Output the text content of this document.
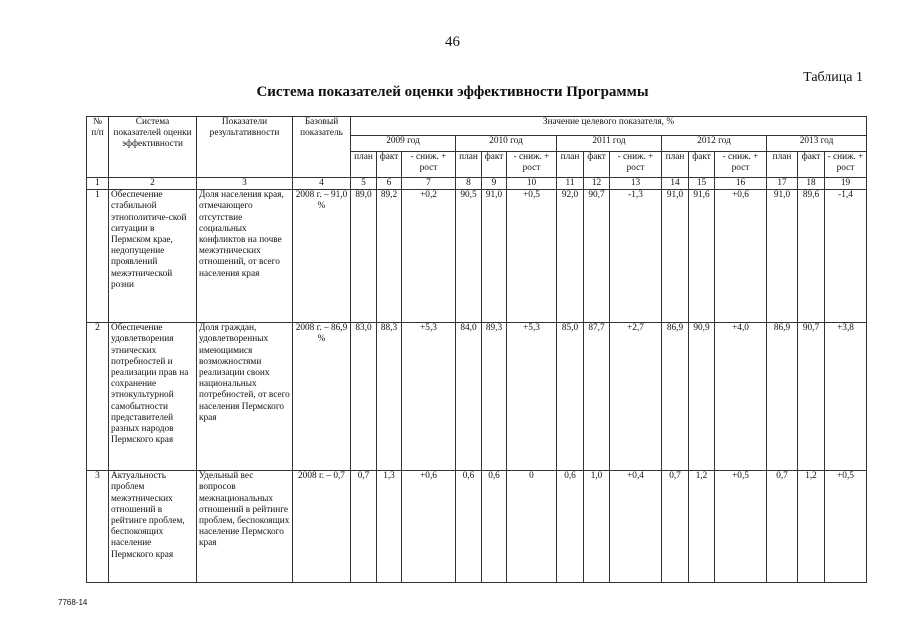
46
Таблица 1
Система показателей оценки эффективности Программы
№ п/п	Система показателей оценки эффективности	Показатели результативности	Базовый показатель	Значение целевого показателя, %														
				2009 год			2010 год			2011 год			2012 год			2013 год		
				план	факт	- сниж. + рост	план	факт	- сниж. + рост	план	факт	- сниж. + рост	план	факт	- сниж. + рост	план	факт	- сниж. + рост
1	2	3	4	5	6	7	8	9	10	11	12	13	14	15	16	17	18	19
1	Обеспечение стабильной этнополитиче-ской ситуации в Пермском крае, недопущение проявлений межэтнической розни	Доля населения края, отмечающего отсутствие социальных конфликтов на почве межэтнических отношений, от всего населения края	2008 г. – 91,0 %	89,0	89,2	+0,2	90,5	91,0	+0,5	92,0	90,7	-1,3	91,0	91,6	+0,6	91,0	89,6	-1,4
2	Обеспечение удовлетворения этнических потребностей и реализации прав на сохранение этнокультурной самобытности представителей разных народов Пермского края	Доля граждан, удовлетворенных имеющимися возможностями реализации своих национальных потребностей, от всего населения Пермского края	2008 г. – 86,9 %	83,0	88,3	+5,3	84,0	89,3	+5,3	85,0	87,7	+2,7	86,9	90,9	+4,0	86,9	90,7	+3,8
3	Актуальность проблем межэтнических отношений в рейтинге проблем, беспокоящих население Пермского края	Удельный вес вопросов межнациональных отношений в рейтинге проблем, беспокоящих население Пермского края	2008 г. – 0,7	0,7	1,3	+0,6	0,6	0,6	0	0,6	1,0	+0,4	0,7	1,2	+0,5	0,7	1,2	+0,5
7768-14
